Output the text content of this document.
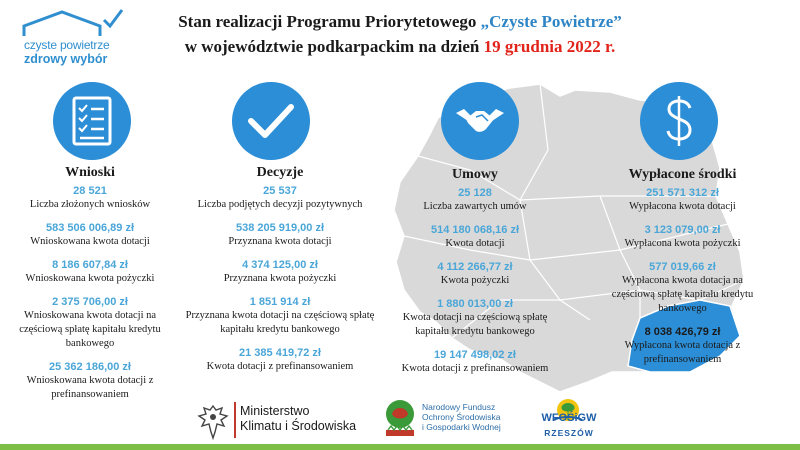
czyste powietrze
zdrowy wybór
Stan realizacji Programu Priorytetowego „Czyste Powietrze”
w województwie podkarpackim na dzień 19 grudnia 2022 r.
Wnioski
28 521
Liczba złożonych wniosków
583 506 006,89 zł
Wnioskowana kwota dotacji
8 186 607,84 zł
Wnioskowana kwota pożyczki
2 375 706,00 zł
Wnioskowana kwota dotacji na częściową spłatę kapitału kredytu bankowego
25 362 186,00 zł
Wnioskowana kwota dotacji z prefinansowaniem
Decyzje
25 537
Liczba podjętych decyzji pozytywnych
538 205 919,00 zł
Przyznana kwota dotacji
4 374 125,00 zł
Przyznana kwota pożyczki
1 851 914 zł
Przyznana kwota dotacji na częściową spłatę kapitału kredytu bankowego
21 385 419,72 zł
Kwota dotacji z prefinansowaniem
Umowy
25 128
Liczba zawartych umów
514 180 068,16 zł
Kwota dotacji
4 112 266,77 zł
Kwota pożyczki
1 880 013,00 zł
Kwota dotacji na częściową spłatę kapitału kredytu bankowego
19 147 498,02 zł
Kwota dotacji z prefinansowaniem
Wypłacone środki
251 571 312 zł
Wypłacona kwota dotacji
3 123 079,00 zł
Wypłacona kwota pożyczki
577 019,66 zł
Wypłacona kwota dotacja na częściową spłatę kapitału kredytu bankowego
8 038 426,79 zł
Wypłacona kwota dotacja z prefinansowaniem
Ministerstwo
Klimatu i Środowiska
Narodowy Fundusz
Ochrony Środowiska
i Gospodarki Wodnej
WFOŚiGW
RZESZÓW
